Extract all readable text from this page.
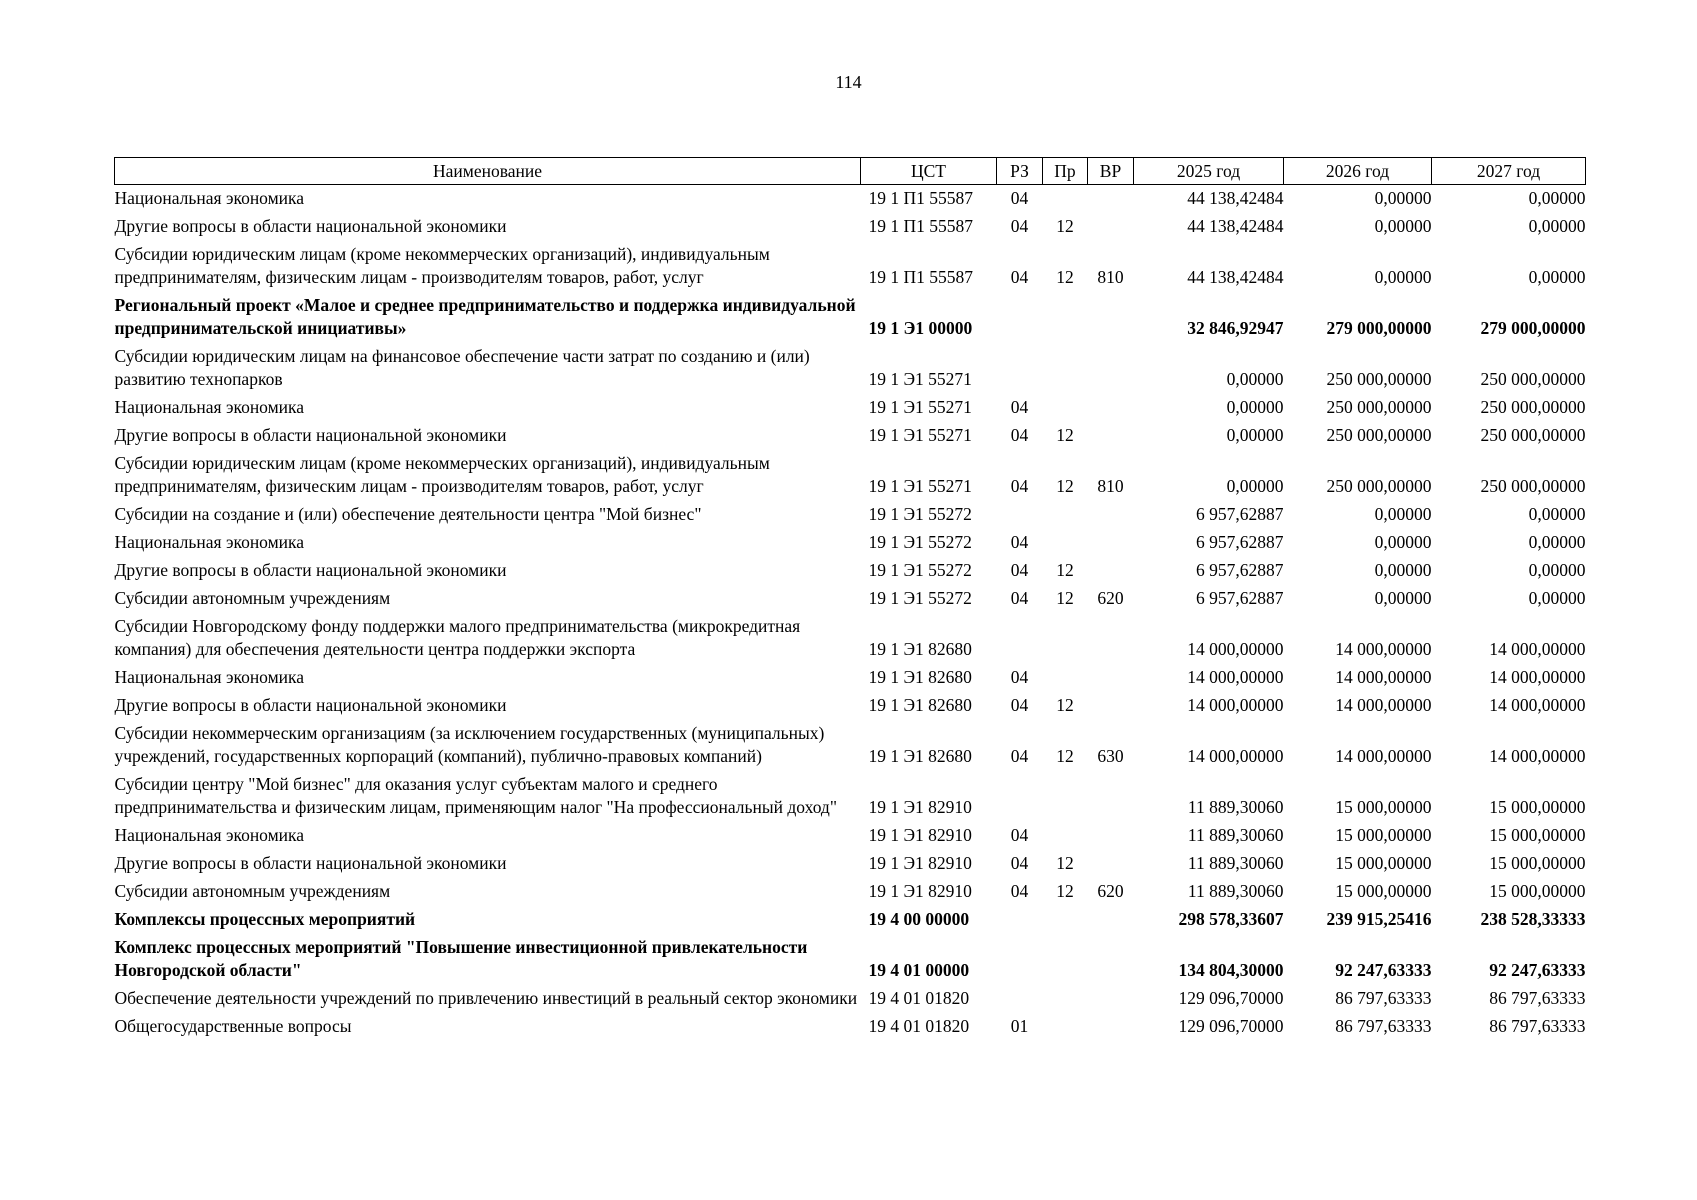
114
Наименование	ЦСТ	РЗ	Пр	ВР	2025 год	2026 год	2027 год
Национальная экономика	19 1 П1 55587	04			44 138,42484	0,00000	0,00000
Другие вопросы в области национальной экономики	19 1 П1 55587	04	12		44 138,42484	0,00000	0,00000
Субсидии юридическим лицам (кроме некоммерческих организаций), индивидуальным предпринимателям, физическим лицам - производителям товаров, работ, услуг	19 1 П1 55587	04	12	810	44 138,42484	0,00000	0,00000
Региональный проект «Малое и среднее предпринимательство и поддержка индивидуальной предпринимательской инициативы»	19 1 Э1 00000				32 846,92947	279 000,00000	279 000,00000
Субсидии юридическим лицам на финансовое обеспечение части затрат по созданию и (или) развитию технопарков	19 1 Э1 55271				0,00000	250 000,00000	250 000,00000
Национальная экономика	19 1 Э1 55271	04			0,00000	250 000,00000	250 000,00000
Другие вопросы в области национальной экономики	19 1 Э1 55271	04	12		0,00000	250 000,00000	250 000,00000
Субсидии юридическим лицам (кроме некоммерческих организаций), индивидуальным предпринимателям, физическим лицам - производителям товаров, работ, услуг	19 1 Э1 55271	04	12	810	0,00000	250 000,00000	250 000,00000
Субсидии на создание и (или) обеспечение деятельности центра "Мой бизнес"	19 1 Э1 55272				6 957,62887	0,00000	0,00000
Национальная экономика	19 1 Э1 55272	04			6 957,62887	0,00000	0,00000
Другие вопросы в области национальной экономики	19 1 Э1 55272	04	12		6 957,62887	0,00000	0,00000
Субсидии автономным учреждениям	19 1 Э1 55272	04	12	620	6 957,62887	0,00000	0,00000
Субсидии Новгородскому фонду поддержки малого предпринимательства (микрокредитная компания) для обеспечения деятельности центра поддержки экспорта	19 1 Э1 82680				14 000,00000	14 000,00000	14 000,00000
Национальная экономика	19 1 Э1 82680	04			14 000,00000	14 000,00000	14 000,00000
Другие вопросы в области национальной экономики	19 1 Э1 82680	04	12		14 000,00000	14 000,00000	14 000,00000
Субсидии некоммерческим организациям (за исключением государственных (муниципальных) учреждений, государственных корпораций (компаний), публично-правовых компаний)	19 1 Э1 82680	04	12	630	14 000,00000	14 000,00000	14 000,00000
Субсидии центру "Мой бизнес" для оказания услуг субъектам малого и среднего предпринимательства и физическим лицам, применяющим налог "На профессиональный доход"	19 1 Э1 82910				11 889,30060	15 000,00000	15 000,00000
Национальная экономика	19 1 Э1 82910	04			11 889,30060	15 000,00000	15 000,00000
Другие вопросы в области национальной экономики	19 1 Э1 82910	04	12		11 889,30060	15 000,00000	15 000,00000
Субсидии автономным учреждениям	19 1 Э1 82910	04	12	620	11 889,30060	15 000,00000	15 000,00000
Комплексы процессных мероприятий	19 4 00 00000				298 578,33607	239 915,25416	238 528,33333
Комплекс процессных мероприятий "Повышение инвестиционной привлекательности Новгородской области"	19 4 01 00000				134 804,30000	92 247,63333	92 247,63333
Обеспечение деятельности учреждений по привлечению инвестиций в реальный сектор экономики	19 4 01 01820				129 096,70000	86 797,63333	86 797,63333
Общегосударственные вопросы	19 4 01 01820	01			129 096,70000	86 797,63333	86 797,63333
